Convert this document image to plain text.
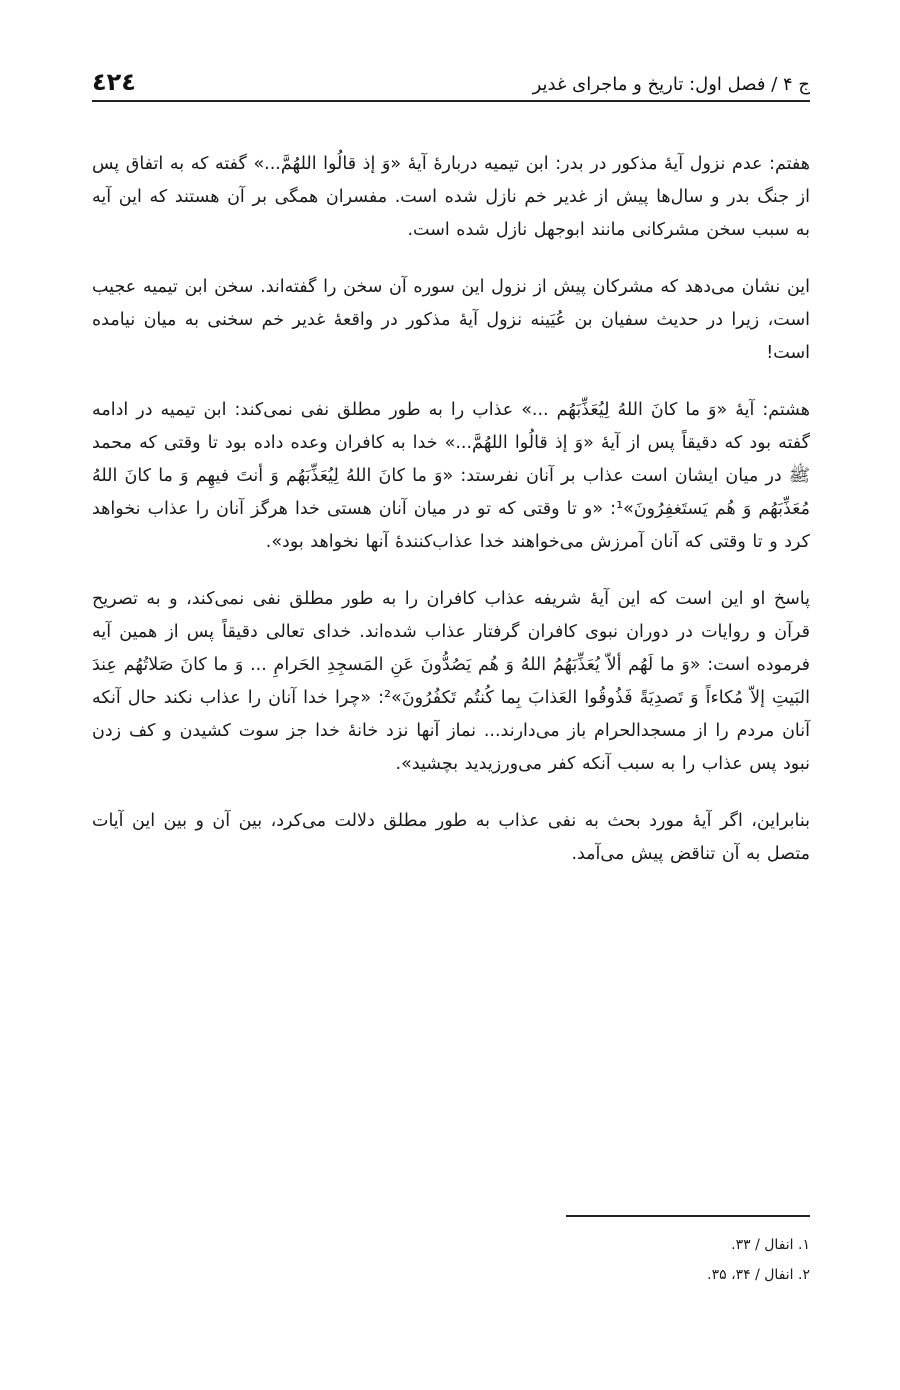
ج ۴ / فصل اول: تاریخ و ماجرای غدیر
٤٢٤

هفتم: عدم نزول آیهٔ مذکور در بدر: ابن تیمیه دربارهٔ آیهٔ «وَ إذ قالُوا اللهُمَّ...» گفته که به اتفاق پس از جنگ بدر و سال‌ها پیش از غدیر خم نازل شده است. مفسران همگی بر آن هستند که این آیه به سبب سخن مشرکانی مانند ابوجهل نازل شده است.

این نشان می‌دهد که مشرکان پیش از نزول این سوره آن سخن را گفته‌اند. سخن ابن تیمیه عجیب است، زیرا در حدیث سفیان بن عُیَینه نزول آیهٔ مذکور در واقعهٔ غدیر خم سخنی به میان نیامده است!

هشتم: آیهٔ «وَ ما کانَ اللهُ لِیُعَذِّبَهُم ...» عذاب را به طور مطلق نفی نمی‌کند: ابن تیمیه در ادامه گفته بود که دقیقاً پس از آیهٔ «وَ إذ قالُوا اللهُمَّ...» خدا به کافران وعده داده بود تا وقتی که محمد ﷺ در میان ایشان است عذاب بر آنان نفرستد: «وَ ما کانَ اللهُ لِیُعَذِّبَهُم وَ أنتَ فیهِم وَ ما کانَ اللهُ مُعَذِّبَهُم وَ هُم یَستَغفِرُونَ»¹: «و تا وقتی که تو در میان آنان هستی خدا هرگز آنان را عذاب نخواهد کرد و تا وقتی که آنان آمرزش می‌خواهند خدا عذاب‌کنندهٔ آنها نخواهد بود».

پاسخ او این است که این آیهٔ شریفه عذاب کافران را به طور مطلق نفی نمی‌کند، و به تصریح قرآن و روایات در دوران نبوی کافران گرفتار عذاب شده‌اند. خدای تعالی دقیقاً پس از همین آیه فرموده است: «وَ ما لَهُم ألاّ یُعَذِّبَهُمُ اللهُ وَ هُم یَصُدُّونَ عَنِ المَسجِدِ الحَرامِ ... وَ ما کانَ صَلاتُهُم عِندَ البَیتِ إلاّ مُکاءاً وَ تَصدِیَةً فَذُوقُوا العَذابَ بِما کُنتُم تَکفُرُونَ»²: «چرا خدا آنان را عذاب نکند حال آنکه آنان مردم را از مسجدالحرام باز می‌دارند... نماز آنها نزد خانهٔ خدا جز سوت کشیدن و کف زدن نبود پس عذاب را به سبب آنکه کفر می‌ورزیدید بچشید».

بنابراین، اگر آیهٔ مورد بحث به نفی عذاب به طور مطلق دلالت می‌کرد، بین آن و بین این آیات متصل به آن تناقض پیش می‌آمد.

١. انفال / ٣٣.
٢. انفال / ٣۴، ٣۵.
